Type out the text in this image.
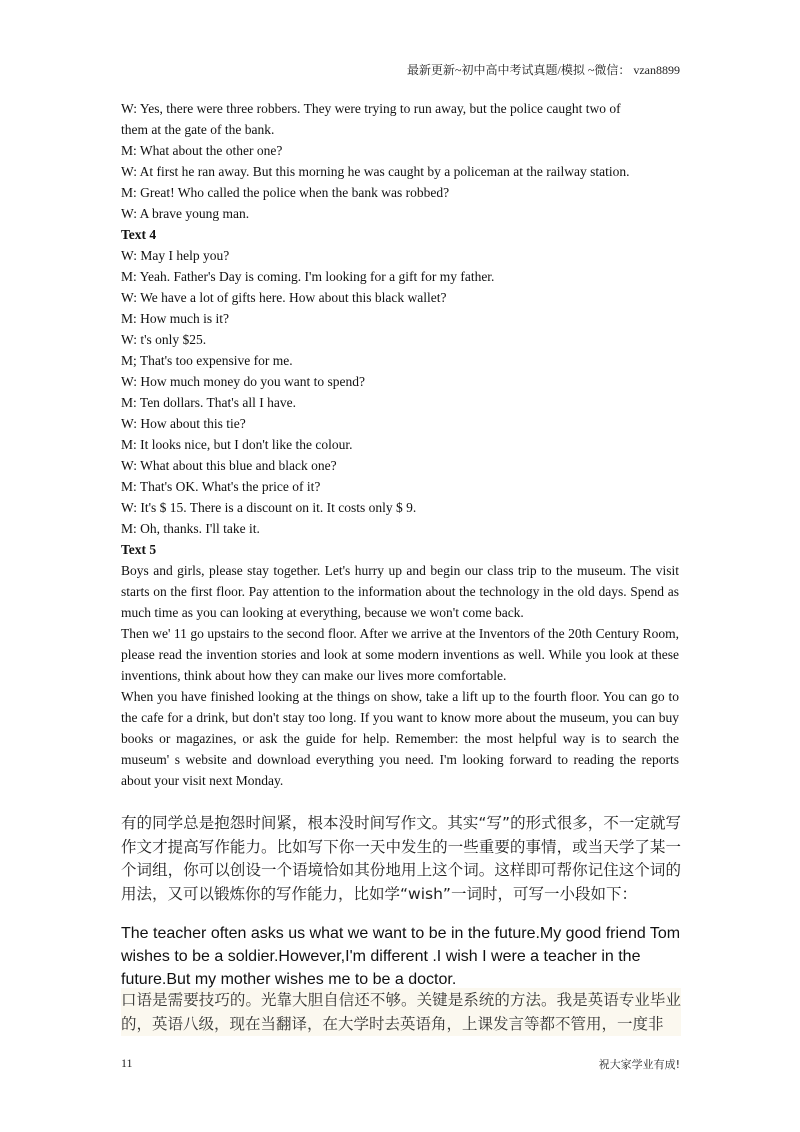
最新更新~初中高中考试真题/模拟 ~微信： vzan8899
W: Yes, there were three robbers. They were trying to run away, but the police caught two of
them at the gate of the bank.
M: What about the other one?
W: At first he ran away. But this morning he was caught by a policeman at the railway station.
M: Great! Who called the police when the bank was robbed?
W: A brave young man.
Text 4
W: May I help you?
M: Yeah. Father's Day is coming. I'm looking for a gift for my father.
W: We have a lot of gifts here. How about this black wallet?
M: How much is it?
W: t's only $25.
M; That's too expensive for me.
W: How much money do you want to spend?
M: Ten dollars. That's all I have.
W: How about this tie?
M: It looks nice, but I don't like the colour.
W: What about this blue and black one?
M: That's OK. What's the price of it?
W: It's $ 15. There is a discount on it. It costs only $ 9.
M: Oh, thanks. I'll take it.
Text 5
Boys and girls, please stay together. Let's hurry up and begin our class trip to the museum. The visit starts on the first floor. Pay attention to the information about the technology in the old days. Spend as much time as you can looking at everything, because we won't come back.
Then we' 11 go upstairs to the second floor. After we arrive at the Inventors of the 20th Century Room, please read the invention stories and look at some modern inventions as well. While you look at these inventions, think about how they can make our lives more comfortable.
When you have finished looking at the things on show, take a lift up to the fourth floor. You can go to the cafe for a drink, but don't stay too long. If you want to know more about the museum, you can buy books or magazines, or ask the guide for help. Remember: the most helpful way is to search the museum' s website and download everything you need. I'm looking forward to reading the reports about your visit next Monday.
有的同学总是抱怨时间紧，根本没时间写作文。其实“写”的形式很多，不一定就写作文才提高写作能力。比如写下你一天中发生的一些重要的事情，或当天学了某一个词组，你可以创设一个语境恰如其份地用上这个词。这样即可帮你记住这个词的用法，又可以锻炼你的写作能力，比如学“wish”一词时，可写一小段如下：
The teacher often asks us what we want to be in the future.My good friend Tom wishes to be a soldier.However,I'm different .I wish I were a teacher in the future.But my mother wishes me to be a doctor.
口语是需要技巧的。光靠大胆自信还不够。关键是系统的方法。我是英语专业毕业的，英语八级，现在当翻译，在大学时去英语角，上课发言等都不管用，一度非
11	祝大家学业有成!
